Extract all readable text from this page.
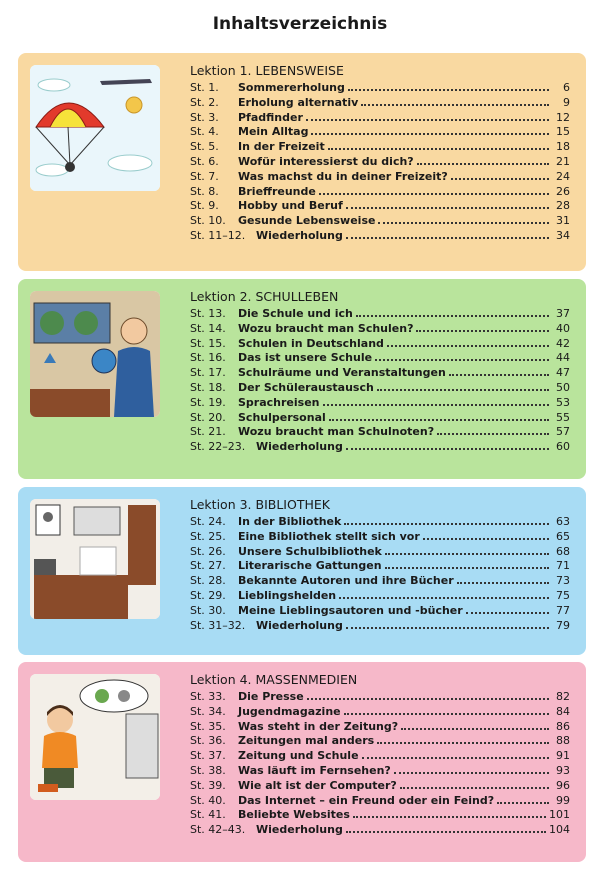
Inhaltsverzeichnis
Lektion 1. LEBENSWEISE
St. 1.	Sommererholung	6
St. 2.	Erholung alternativ	9
St. 3.	Pfadfinder	12
St. 4.	Mein Alltag	15
St. 5.	In der Freizeit	18
St. 6.	Wofür interessierst du dich?	21
St. 7.	Was machst du in deiner Freizeit?	24
St. 8.	Brieffreunde	26
St. 9.	Hobby und Beruf	28
St. 10.	Gesunde Lebensweise	31
St. 11–12. Wiederholung	34
Lektion 2. SCHULLEBEN
St. 13.	Die Schule und ich	37
St. 14.	Wozu braucht man Schulen?	40
St. 15.	Schulen in Deutschland	42
St. 16.	Das ist unsere Schule	44
St. 17.	Schulräume und Veranstaltungen	47
St. 18.	Der Schüleraustausch	50
St. 19.	Sprachreisen	53
St. 20.	Schulpersonal	55
St. 21.	Wozu braucht man Schulnoten?	57
St. 22–23. Wiederholung	60
Lektion 3. BIBLIOTHEK
St. 24.	In der Bibliothek	63
St. 25.	Eine Bibliothek stellt sich vor	65
St. 26.	Unsere Schulbibliothek	68
St. 27.	Literarische Gattungen	71
St. 28.	Bekannte Autoren und ihre Bücher	73
St. 29.	Lieblingshelden	75
St. 30.	Meine Lieblingsautoren und -bücher	77
St. 31–32. Wiederholung	79
Lektion 4. MASSENMEDIEN
St. 33.	Die Presse	82
St. 34.	Jugendmagazine	84
St. 35.	Was steht in der Zeitung?	86
St. 36.	Zeitungen mal anders	88
St. 37.	Zeitung und Schule	91
St. 38.	Was läuft im Fernsehen?	93
St. 39.	Wie alt ist der Computer?	96
St. 40.	Das Internet – ein Freund oder ein Feind?	99
St. 41.	Beliebte Websites	101
St. 42–43. Wiederholung	104
